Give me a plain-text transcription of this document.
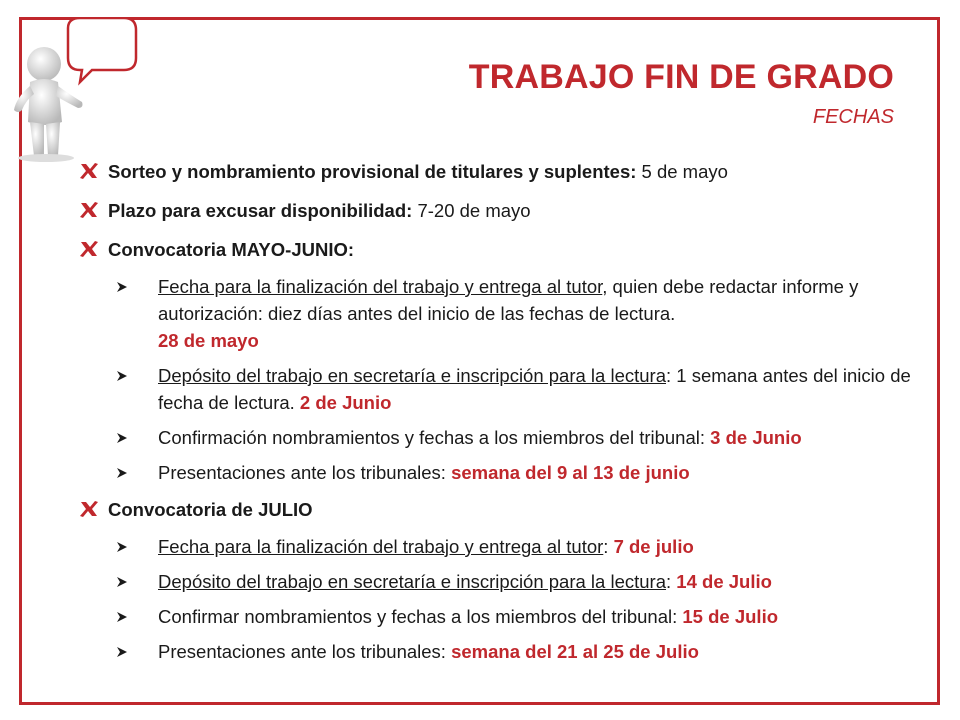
TRABAJO FIN DE GRADO
FECHAS
Sorteo y nombramiento provisional de titulares y suplentes: 5 de mayo
Plazo para excusar disponibilidad: 7-20 de mayo
Convocatoria MAYO-JUNIO:
Fecha para la finalización del trabajo y entrega al tutor, quien debe redactar informe y autorización: diez días antes del inicio de las fechas de lectura.
28 de mayo
Depósito del trabajo en secretaría e inscripción para la lectura: 1 semana antes del inicio de fecha de lectura. 2 de Junio
Confirmación nombramientos y fechas a los miembros del tribunal: 3 de Junio
Presentaciones ante los tribunales: semana del 9 al 13 de junio
Convocatoria de JULIO
Fecha para la finalización del trabajo y entrega al tutor: 7 de julio
Depósito del trabajo en secretaría e inscripción para la lectura: 14 de Julio
Confirmar nombramientos y fechas a los miembros del tribunal: 15 de Julio
Presentaciones ante los tribunales: semana del 21 al 25 de Julio
